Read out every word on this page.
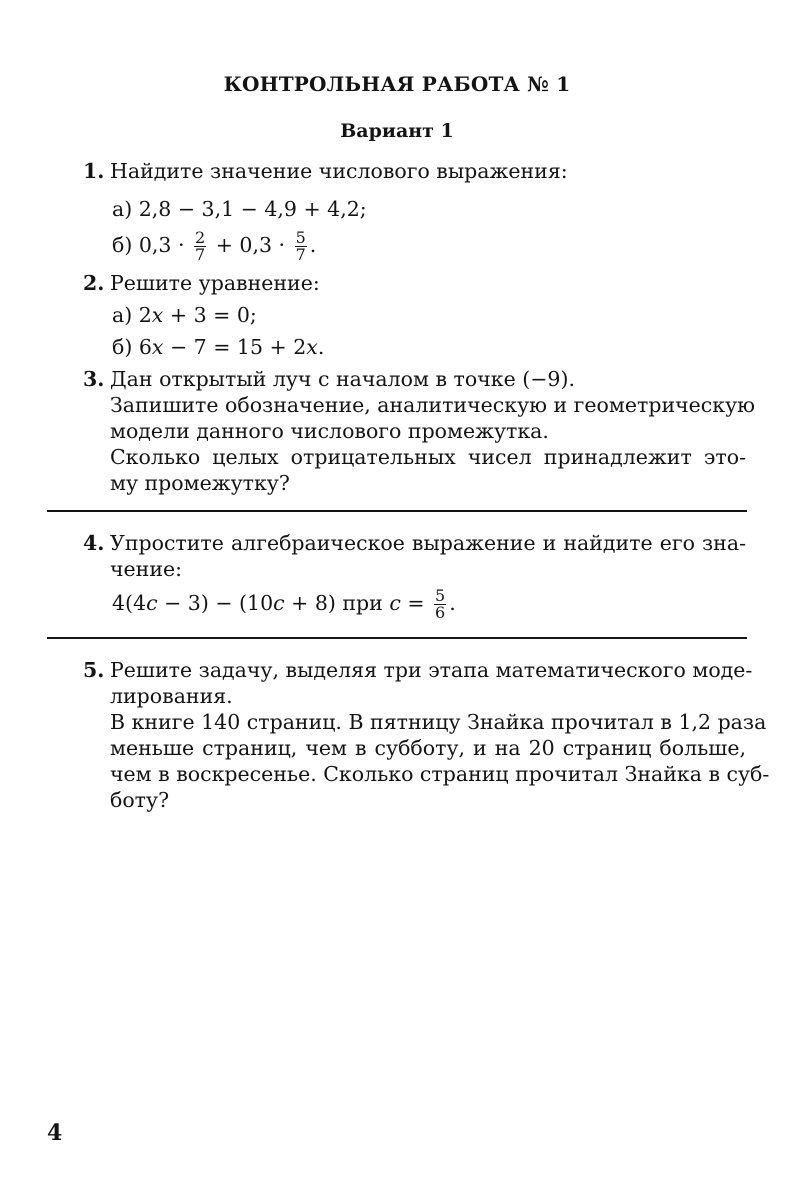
КОНТРОЛЬНАЯ РАБОТА № 1
Вариант 1
1. Найдите значение числового выражения:
а) 2,8 − 3,1 − 4,9 + 4,2;
б) $0,3 \cdot \frac{2}{7} + 0,3 \cdot \frac{5}{7}$ .
2. Решите уравнение:
а) 2x + 3 = 0;
б) 6x − 7 = 15 + 2x.
3. Дан открытый луч с началом в точке (−9).
Запишите обозначение, аналитическую и геометрическую
модели данного числового промежутка.
Сколько целых отрицательных чисел принадлежит это-
му промежутку?
4. Упростите алгебраическое выражение и найдите его зна-
чение:
4(4c − 3) − (10c + 8) при $c = \frac{5}{6}$ .
5. Решите задачу, выделяя три этапа математического моде-
лирования.
В книге 140 страниц. В пятницу Знайка прочитал в 1,2 раза
меньше страниц, чем в субботу, и на 20 страниц больше,
чем в воскресенье. Сколько страниц прочитал Знайка в суб-
боту?
4
